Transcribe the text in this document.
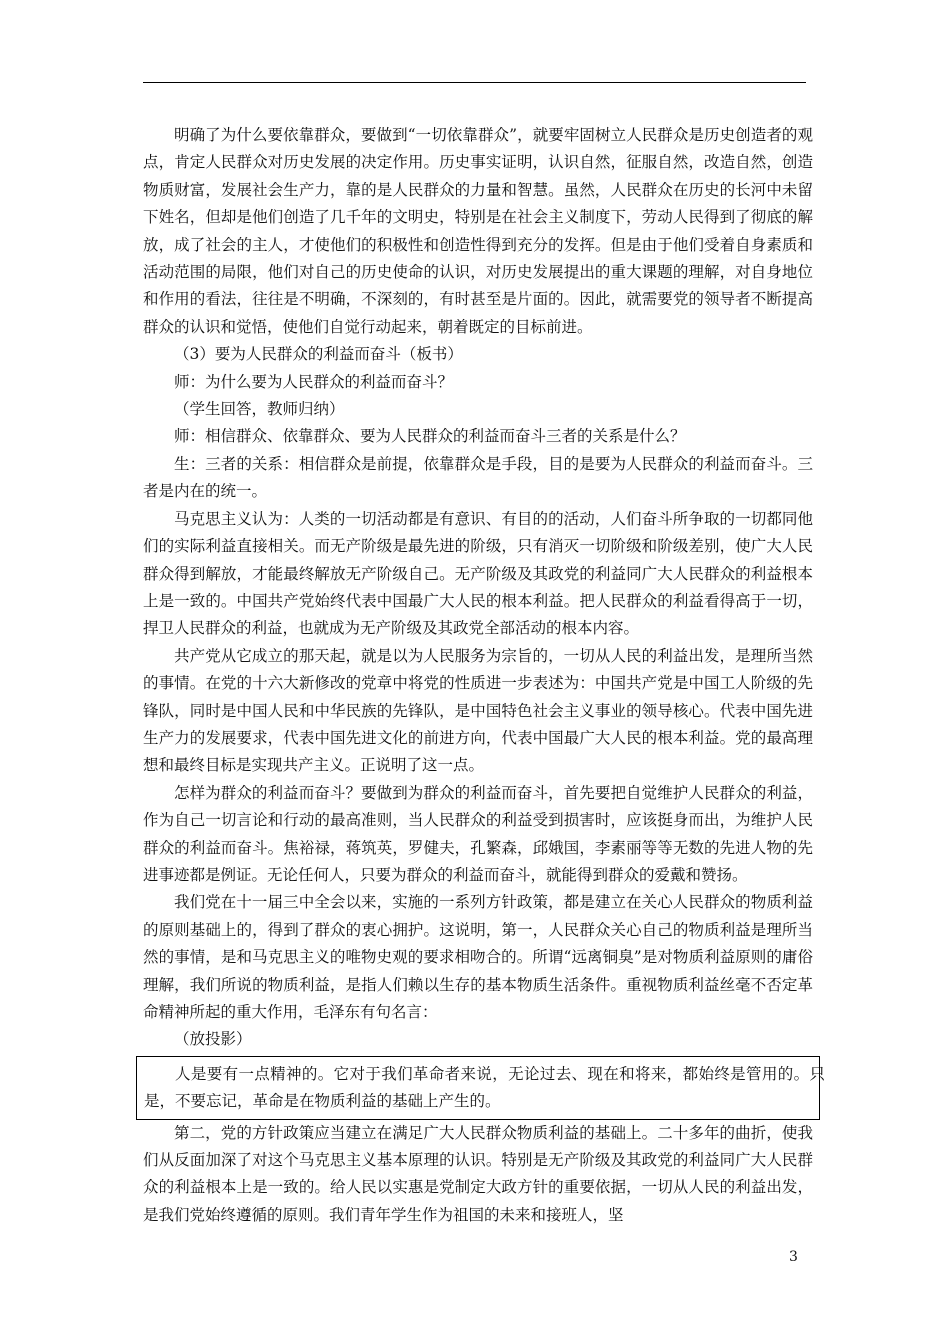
明确了为什么要依靠群众，要做到“一切依靠群众”，就要牢固树立人民群众是历史创造者的观点，肯定人民群众对历史发展的决定作用。历史事实证明，认识自然，征服自然，改造自然，创造物质财富，发展社会生产力，靠的是人民群众的力量和智慧。虽然，人民群众在历史的长河中未留下姓名，但却是他们创造了几千年的文明史，特别是在社会主义制度下，劳动人民得到了彻底的解放，成了社会的主人，才使他们的积极性和创造性得到充分的发挥。但是由于他们受着自身素质和活动范围的局限，他们对自己的历史使命的认识，对历史发展提出的重大课题的理解，对自身地位和作用的看法，往往是不明确，不深刻的，有时甚至是片面的。因此，就需要党的领导者不断提高群众的认识和觉悟，使他们自觉行动起来，朝着既定的目标前进。

（3）要为人民群众的利益而奋斗（板书）

师：为什么要为人民群众的利益而奋斗？

（学生回答，教师归纳）

师：相信群众、依靠群众、要为人民群众的利益而奋斗三者的关系是什么？

生：三者的关系：相信群众是前提，依靠群众是手段，目的是要为人民群众的利益而奋斗。三者是内在的统一。

马克思主义认为：人类的一切活动都是有意识、有目的的活动，人们奋斗所争取的一切都同他们的实际利益直接相关。而无产阶级是最先进的阶级，只有消灭一切阶级和阶级差别，使广大人民群众得到解放，才能最终解放无产阶级自己。无产阶级及其政党的利益同广大人民群众的利益根本上是一致的。中国共产党始终代表中国最广大人民的根本利益。把人民群众的利益看得高于一切，捍卫人民群众的利益，也就成为无产阶级及其政党全部活动的根本内容。

共产党从它成立的那天起，就是以为人民服务为宗旨的，一切从人民的利益出发，是理所当然的事情。在党的十六大新修改的党章中将党的性质进一步表述为：中国共产党是中国工人阶级的先锋队，同时是中国人民和中华民族的先锋队，是中国特色社会主义事业的领导核心。代表中国先进生产力的发展要求，代表中国先进文化的前进方向，代表中国最广大人民的根本利益。党的最高理想和最终目标是实现共产主义。正说明了这一点。

怎样为群众的利益而奋斗？要做到为群众的利益而奋斗，首先要把自觉维护人民群众的利益，作为自己一切言论和行动的最高准则，当人民群众的利益受到损害时，应该挺身而出，为维护人民群众的利益而奋斗。焦裕禄，蒋筑英，罗健夫，孔繁森，邱娥国，李素丽等等无数的先进人物的先进事迹都是例证。无论任何人，只要为群众的利益而奋斗，就能得到群众的爱戴和赞扬。

我们党在十一届三中全会以来，实施的一系列方针政策，都是建立在关心人民群众的物质利益的原则基础上的，得到了群众的衷心拥护。这说明，第一，人民群众关心自己的物质利益是理所当然的事情，是和马克思主义的唯物史观的要求相吻合的。所谓“远离铜臭”是对物质利益原则的庸俗理解，我们所说的物质利益，是指人们赖以生存的基本物质生活条件。重视物质利益丝毫不否定革命精神所起的重大作用，毛泽东有句名言：

（放投影）

人是要有一点精神的。它对于我们革命者来说，无论过去、现在和将来，都始终是管用的。只是，不要忘记，革命是在物质利益的基础上产生的。

第二，党的方针政策应当建立在满足广大人民群众物质利益的基础上。二十多年的曲折，使我们从反面加深了对这个马克思主义基本原理的认识。特别是无产阶级及其政党的利益同广大人民群众的利益根本上是一致的。给人民以实惠是党制定大政方针的重要依据，一切从人民的利益出发，是我们党始终遵循的原则。我们青年学生作为祖国的未来和接班人，坚

3
